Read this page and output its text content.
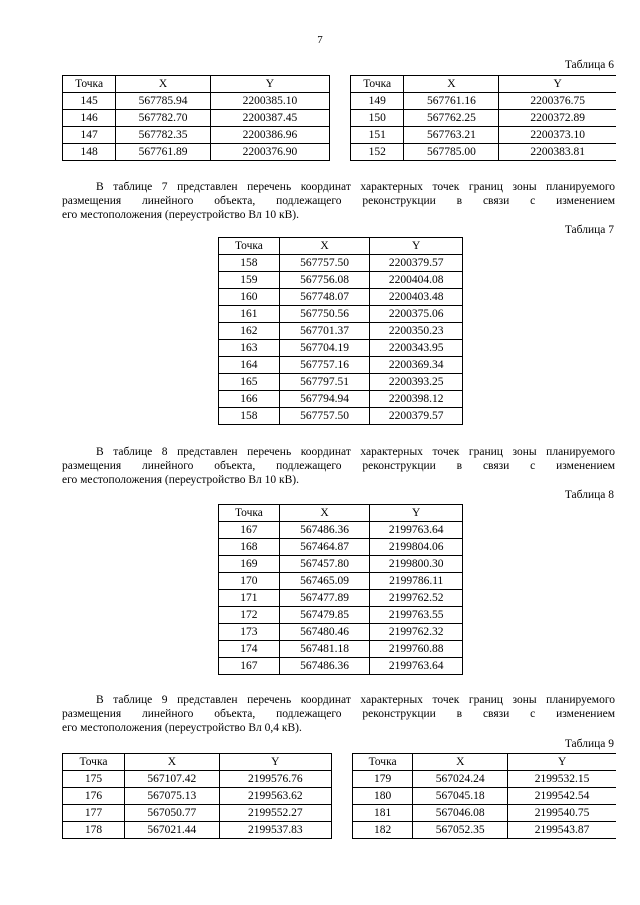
7
Таблица 6
Точка	X	Y
145	567785.94	2200385.10
146	567782.70	2200387.45
147	567782.35	2200386.96
148	567761.89	2200376.90
Точка	X	Y
149	567761.16	2200376.75
150	567762.25	2200372.89
151	567763.21	2200373.10
152	567785.00	2200383.81
В таблице 7 представлен перечень координат характерных точек границ зоны планируемого
размещения линейного объекта, подлежащего реконструкции в связи с изменением
его местоположения (переустройство Вл 10 кВ).
Таблица 7
Точка	X	Y
158	567757.50	2200379.57
159	567756.08	2200404.08
160	567748.07	2200403.48
161	567750.56	2200375.06
162	567701.37	2200350.23
163	567704.19	2200343.95
164	567757.16	2200369.34
165	567797.51	2200393.25
166	567794.94	2200398.12
158	567757.50	2200379.57
В таблице 8 представлен перечень координат характерных точек границ зоны планируемого
размещения линейного объекта, подлежащего реконструкции в связи с изменением
его местоположения (переустройство Вл 10 кВ).
Таблица 8
Точка	X	Y
167	567486.36	2199763.64
168	567464.87	2199804.06
169	567457.80	2199800.30
170	567465.09	2199786.11
171	567477.89	2199762.52
172	567479.85	2199763.55
173	567480.46	2199762.32
174	567481.18	2199760.88
167	567486.36	2199763.64
В таблице 9 представлен перечень координат характерных точек границ зоны планируемого
размещения линейного объекта, подлежащего реконструкции в связи с изменением
его местоположения (переустройство Вл 0,4 кВ).
Таблица 9
Точка	X	Y
175	567107.42	2199576.76
176	567075.13	2199563.62
177	567050.77	2199552.27
178	567021.44	2199537.83
Точка	X	Y
179	567024.24	2199532.15
180	567045.18	2199542.54
181	567046.08	2199540.75
182	567052.35	2199543.87
